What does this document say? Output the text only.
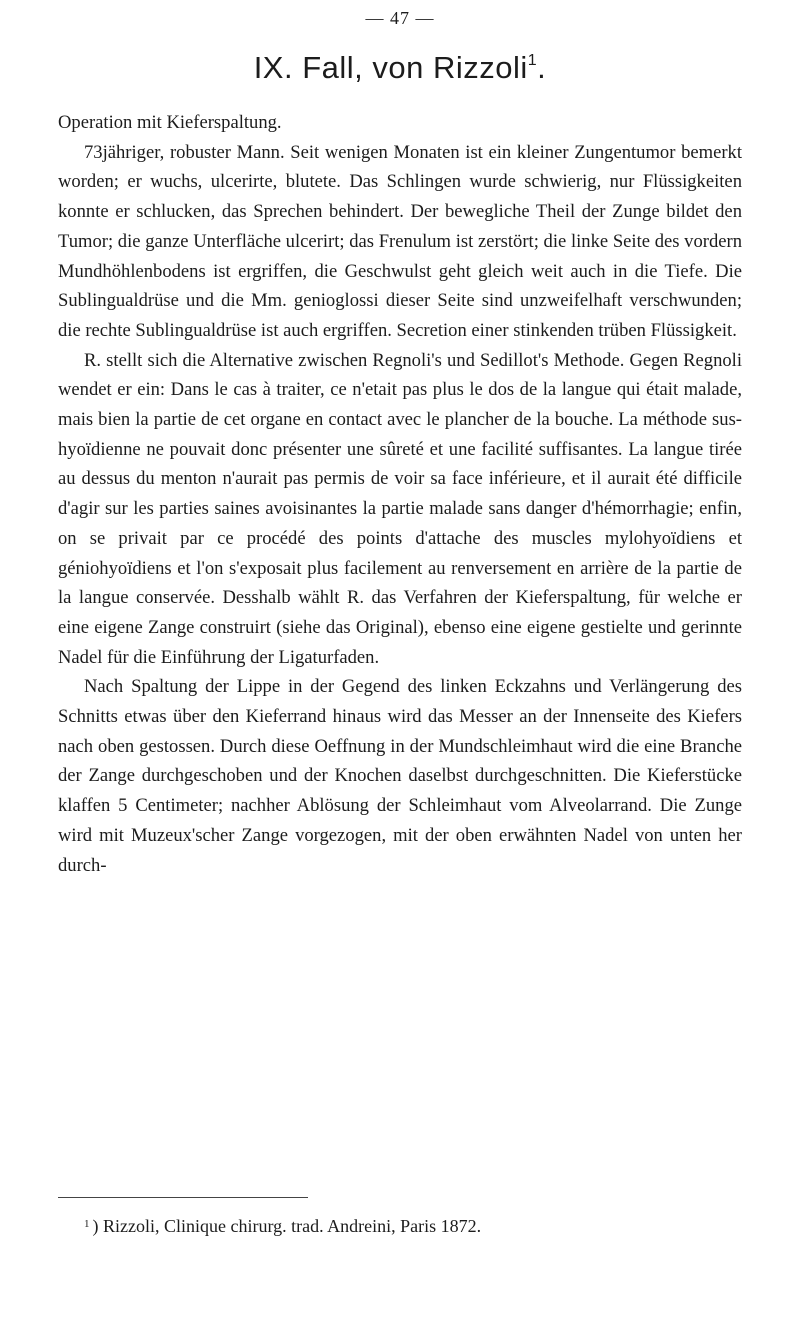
— 47 —
IX. Fall, von Rizzoli$^1$.

Operation mit Kieferspaltung.

73jähriger, robuster Mann. Seit wenigen Monaten ist ein kleiner Zungentumor bemerkt worden; er wuchs, ulcerirte, blutete. Das Schlingen wurde schwierig, nur Flüssigkeiten konnte er schlucken, das Sprechen behindert. Der bewegliche Theil der Zunge bildet den Tumor; die ganze Unterfläche ulcerirt; das Frenulum ist zerstört; die linke Seite des vordern Mundhöhlenbodens ist ergriffen, die Geschwulst geht gleich weit auch in die Tiefe. Die Sublingualdrüse und die Mm. genioglossi dieser Seite sind unzweifelhaft verschwunden; die rechte Sublingualdrüse ist auch ergriffen. Secretion einer stinkenden trüben Flüssigkeit.

R. stellt sich die Alternative zwischen Regnoli's und Sedillot's Methode. Gegen Regnoli wendet er ein: Dans le cas à traiter, ce n'etait pas plus le dos de la langue qui était malade, mais bien la partie de cet organe en contact avec le plancher de la bouche. La méthode sus-hyoïdienne ne pouvait donc présenter une sûreté et une facilité suffisantes. La langue tirée au dessus du menton n'aurait pas permis de voir sa face inférieure, et il aurait été difficile d'agir sur les parties saines avoisinantes la partie malade sans danger d'hémorrhagie; enfin, on se privait par ce procédé des points d'attache des muscles mylohyoïdiens et géniohyoïdiens et l'on s'exposait plus facilement au renversement en arrière de la partie de la langue conservée. Desshalb wählt R. das Verfahren der Kieferspaltung, für welche er eine eigene Zange construirt (siehe das Original), ebenso eine eigene gestielte und gerinnte Nadel für die Einführung der Ligaturfaden.

Nach Spaltung der Lippe in der Gegend des linken Eckzahns und Verlängerung des Schnitts etwas über den Kieferrand hinaus wird das Messer an der Innenseite des Kiefers nach oben gestossen. Durch diese Oeffnung in der Mundschleimhaut wird die eine Branche der Zange durchgeschoben und der Knochen daselbst durchgeschnitten. Die Kieferstücke klaffen 5 Centimeter; nachher Ablösung der Schleimhaut vom Alveolarrand. Die Zunge wird mit Muzeux'scher Zange vorgezogen, mit der oben erwähnten Nadel von unten her durch-

$^1$ ) Rizzoli, Clinique chirurg. trad. Andreini, Paris 1872.
